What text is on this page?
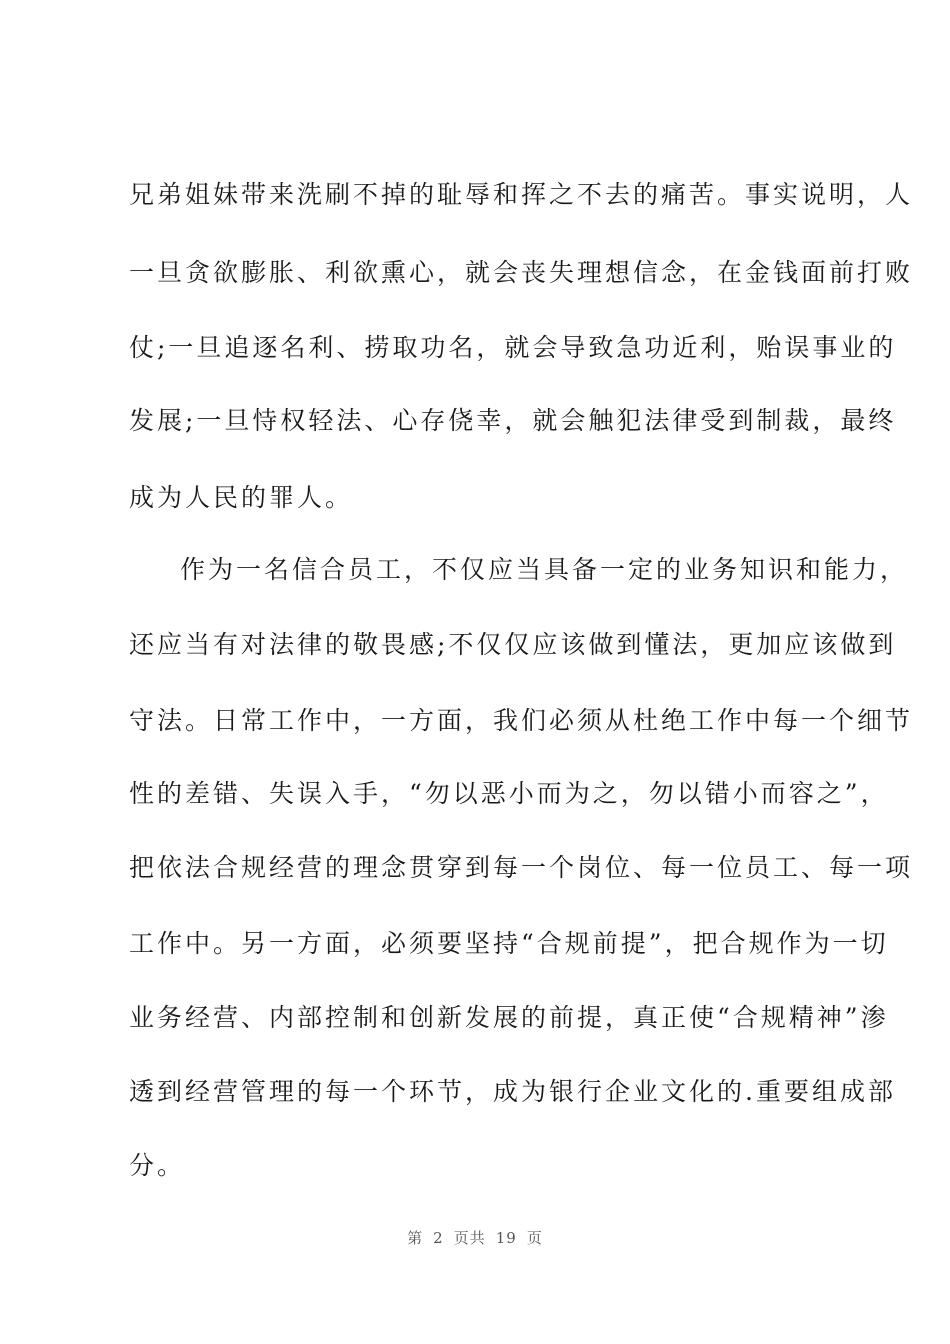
兄弟姐妹带来洗刷不掉的耻辱和挥之不去的痛苦。事实说明，人
一旦贪欲膨胀、利欲熏心，就会丧失理想信念，在金钱面前打败
仗;一旦追逐名利、捞取功名，就会导致急功近利，贻误事业的
发展;一旦恃权轻法、心存侥幸，就会触犯法律受到制裁，最终
成为人民的罪人。
作为一名信合员工，不仅应当具备一定的业务知识和能力，
还应当有对法律的敬畏感;不仅仅应该做到懂法，更加应该做到
守法。日常工作中，一方面，我们必须从杜绝工作中每一个细节
性的差错、失误入手，“勿以恶小而为之，勿以错小而容之”，
把依法合规经营的理念贯穿到每一个岗位、每一位员工、每一项
工作中。另一方面，必须要坚持“合规前提”，把合规作为一切
业务经营、内部控制和创新发展的前提，真正使“合规精神”渗
透到经营管理的每一个环节，成为银行企业文化的.重要组成部
分。
第 2 页共 19 页
